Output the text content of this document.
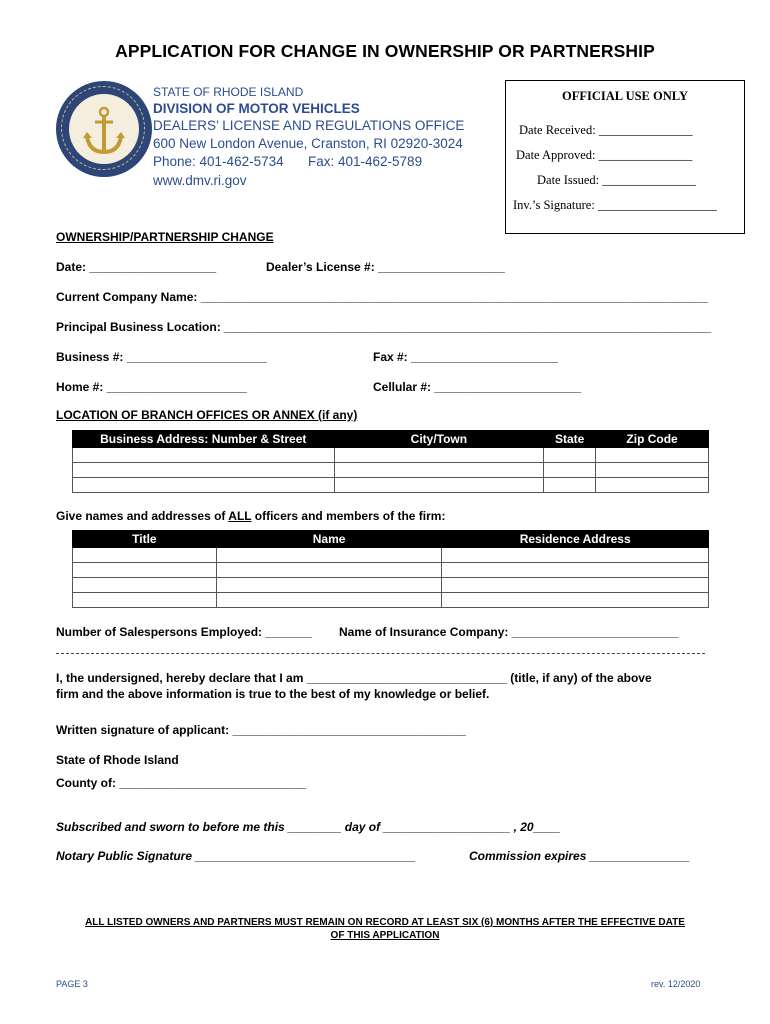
APPLICATION FOR CHANGE IN OWNERSHIP OR PARTNERSHIP
STATE OF RHODE ISLAND
DIVISION OF MOTOR VEHICLES
DEALERS’ LICENSE AND REGULATIONS OFFICE
600 New London Avenue, Cranston, RI 02920-3024
Phone: 401-462-5734 Fax: 401-462-5789
www.dmv.ri.gov
OFFICIAL USE ONLY
Date Received: _______________
Date Approved: _______________
Date Issued: _______________
Inv.’s Signature: ___________________
OWNERSHIP/PARTNERSHIP CHANGE
Date: ___________________	Dealer’s License #: ___________________
Current Company Name: ____________________________________________________________________________
Principal Business Location: _________________________________________________________________________
Business #: _____________________	Fax #: ______________________
Home #: _____________________	Cellular #: ______________________
LOCATION OF BRANCH OFFICES OR ANNEX (if any)
Business Address: Number & Street	City/Town	State	Zip Code

Give names and addresses of ALL officers and members of the firm:
Title	Name	Residence Address

Number of Salespersons Employed: _______ Name of Insurance Company: _________________________
I, the undersigned, hereby declare that I am ______________________________ (title, if any) of the above
firm and the above information is true to the best of my knowledge or belief.
Written signature of applicant: ___________________________________
State of Rhode Island
County of: ____________________________
Subscribed and sworn to before me this ________ day of ___________________ , 20____
Notary Public Signature _________________________________	Commission expires _______________
ALL LISTED OWNERS AND PARTNERS MUST REMAIN ON RECORD AT LEAST SIX (6) MONTHS AFTER THE EFFECTIVE DATE
OF THIS APPLICATION
PAGE 3	rev. 12/2020
